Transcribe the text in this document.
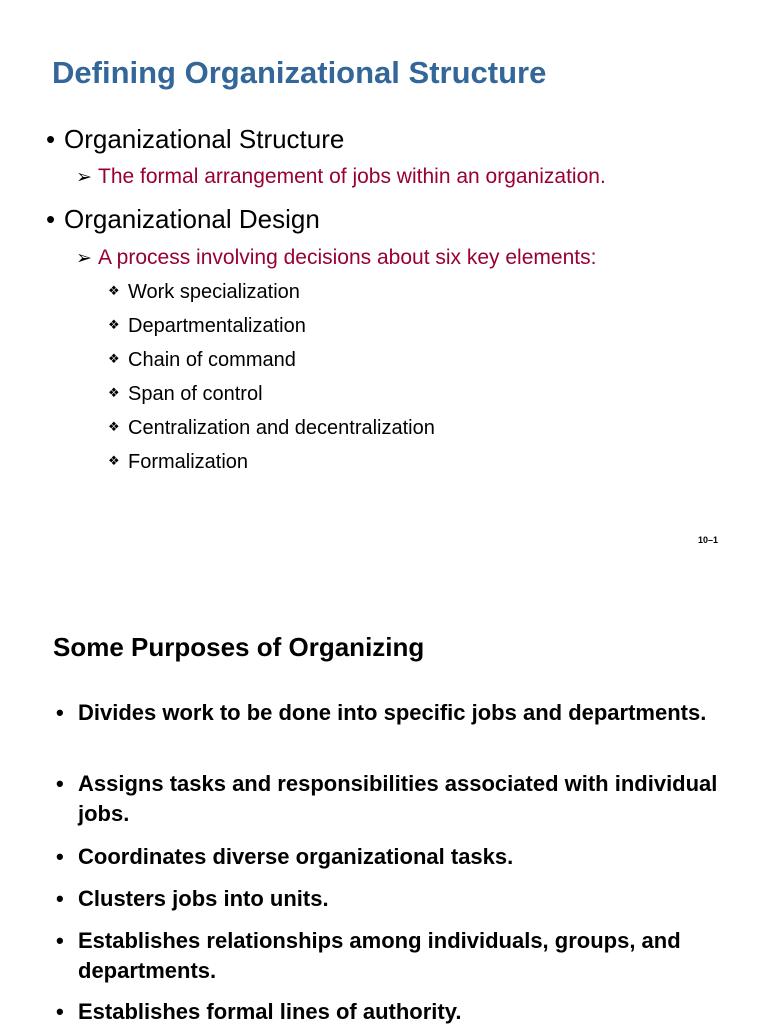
Defining Organizational Structure
• Organizational Structure
➢ The formal arrangement of jobs within an organization.
• Organizational Design
➢ A process involving decisions about six key elements:
❖ Work specialization
❖ Departmentalization
❖ Chain of command
❖ Span of control
❖ Centralization and decentralization
❖ Formalization
10–1
Some Purposes of Organizing
• Divides work to be done into specific jobs and departments.
• Assigns tasks and responsibilities associated with individual jobs.
• Coordinates diverse organizational tasks.
• Clusters jobs into units.
• Establishes relationships among individuals, groups, and departments.
• Establishes formal lines of authority.
